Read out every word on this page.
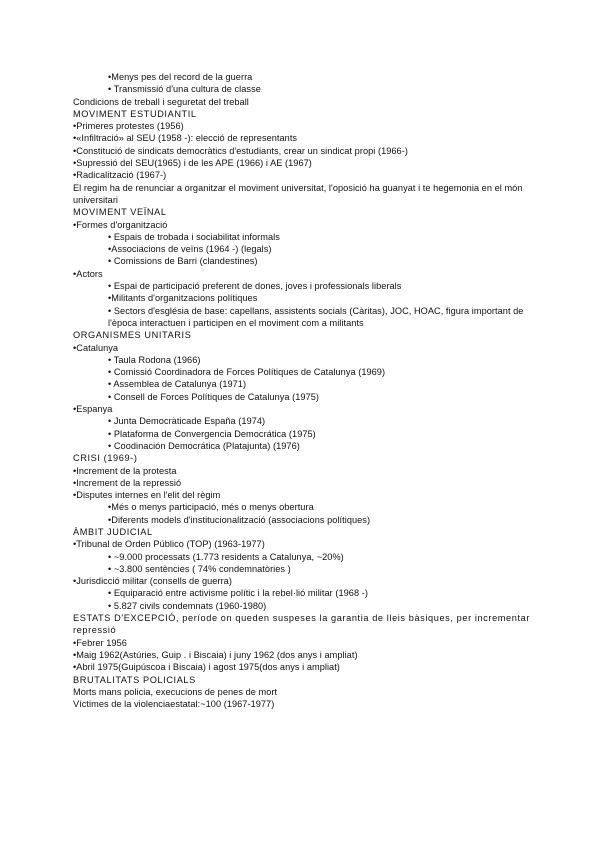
•Menys pes del record de la guerra
• Transmissió d'una cultura de classe
Condicions de treball i seguretat del treball
MOVIMENT ESTUDIANTIL
•Primeres protestes (1956)
•«Infiltració» al SEU (1958 -): elecció de representants
•Constitució de sindicats democràtics d'estudiants, crear un sindicat propi (1966-)
•Supressió del SEU(1965) i de les APE (1966) i AE (1967)
•Radicalització (1967-)
El regim ha de renunciar a organitzar el moviment universitat, l'oposició ha guanyat i te hegemonia en el món universitari
MOVIMENT VEÏNAL
•Formes d'organització
• Espais de trobada i sociabilitat informals
•Associacions de veïns (1964 -) (legals)
• Comissions de Barri (clandestines)
•Actors
• Espai de participació preferent de dones, joves i professionals liberals
•Militants d'organitzacions polítiques
• Sectors d'església de base: capellans, assistents socials (Càritas), JOC, HOAC, figura important de l'època interactuen i participen en el moviment com a militants
ORGANISMES UNITARIS
•Catalunya
• Taula Rodona (1966)
• Comissió Coordinadora de Forces Polítiques de Catalunya (1969)
• Assemblea de Catalunya (1971)
• Consell de Forces Polítiques de Catalunya (1975)
•Espanya
• Junta Democràticade España (1974)
• Plataforma de Convergencia Democrática (1975)
• Coodinación Democrática (Platajunta) (1976)
CRISI (1969-)
•Increment de la protesta
•Increment de la repressió
•Disputes internes en l'elit del règim
•Més o menys participació, més o menys obertura
•Diferents models d'institucionalització (associacions polítiques)
ÀMBIT JUDICIAL
•Tribunal de Orden Público (TOP) (1963-1977)
• ~9.000 processats (1.773 residents a Catalunya, ~20%)
• ~3.800 sentències ( 74% condemnatòries )
•Jurisdicció militar (consells de guerra)
• Equiparació entre activisme polític i la rebel·lió militar (1968 -)
• 5.827 civils condemnats (1960-1980)
ESTATS D'EXCEPCIÓ, període on queden suspeses la garantia de lleis bàsiques, per incrementar repressió
•Febrer 1956
•Maig 1962(Astúries, Guip . i Biscaia) i juny 1962 (dos anys i ampliat)
•Abril 1975(Guipúscoa i Biscaia) i agost 1975(dos anys i ampliat)
BRUTALITATS POLICIALS
Morts mans policia, execucions de penes de mort
Víctimes de la violenciaestatal:~100 (1967-1977)
